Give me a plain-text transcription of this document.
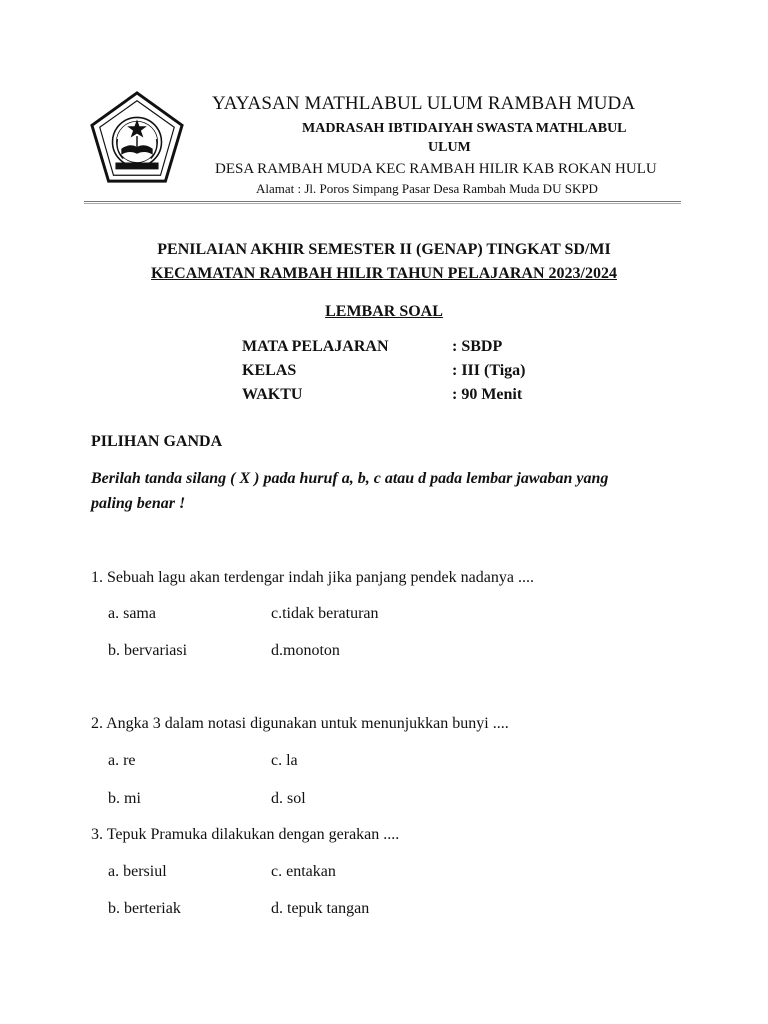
YAYASAN MATHLABUL ULUM RAMBAH MUDA
MADRASAH IBTIDAIYAH SWASTA MATHLABUL
ULUM
DESA RAMBAH MUDA KEC RAMBAH HILIR KAB ROKAN HULU
Alamat : Jl. Poros Simpang Pasar Desa Rambah Muda DU SKPD
PENILAIAN AKHIR SEMESTER II (GENAP) TINGKAT SD/MI
KECAMATAN RAMBAH HILIR TAHUN PELAJARAN 2023/2024
LEMBAR SOAL
MATA PELAJARAN	: SBDP
KELAS	: III (Tiga)
WAKTU	: 90 Menit
PILIHAN GANDA
Berilah tanda silang ( X ) pada huruf a, b, c atau d pada lembar jawaban yang
paling benar !
1. Sebuah lagu akan terdengar indah jika panjang pendek nadanya ....
a. sama	c.tidak beraturan
b. bervariasi	d.monoton
2. Angka 3 dalam notasi digunakan untuk menunjukkan bunyi ....
a. re	c. la
b. mi	d. sol
3. Tepuk Pramuka dilakukan dengan gerakan ....
a. bersiul	c. entakan
b. berteriak	d. tepuk tangan
